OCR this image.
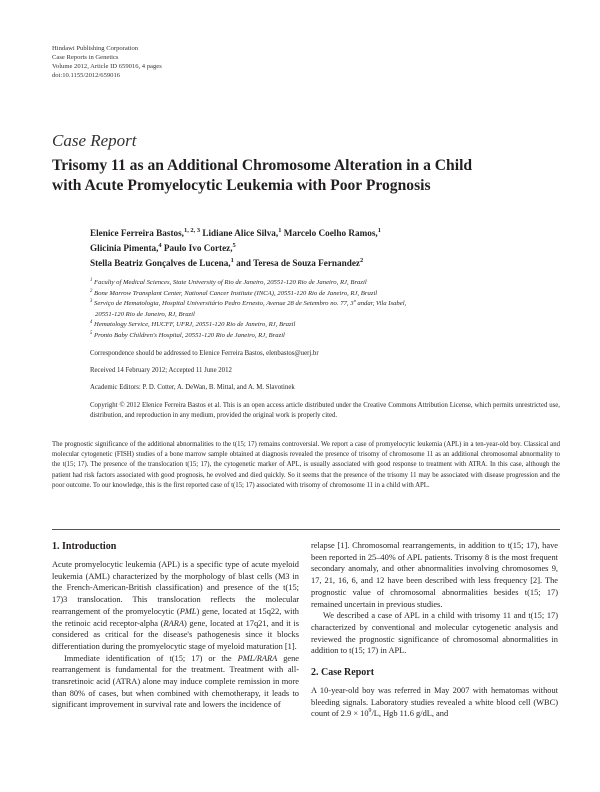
Hindawi Publishing Corporation
Case Reports in Genetics
Volume 2012, Article ID 659016, 4 pages
doi:10.1155/2012/659016
Case Report
Trisomy 11 as an Additional Chromosome Alteration in a Child
with Acute Promyelocytic Leukemia with Poor Prognosis
Elenice Ferreira Bastos,$^{1, 2, 3}$ Lidiane Alice Silva,$^1$ Marcelo Coelho Ramos,$^1$
Glicinia Pimenta,$^4$ Paulo Ivo Cortez,$^5$
Stella Beatriz Gonçalves de Lucena,$^1$ and Teresa de Souza Fernandez$^2$
$^1$ Faculty of Medical Sciences, State University of Rio de Janeiro, 20551-120 Rio de Janeiro, RJ, Brazil
$^2$ Bone Marrow Transplant Center, National Cancer Institute (INCA), 20551-120 Rio de Janeiro, RJ, Brazil
$^3$ Serviço de Hematologia, Hospital Universitário Pedro Ernesto, Avenue 28 de Setembro no. 77, 3º andar, Vila Isabel,
20551-120 Rio de Janeiro, RJ, Brazil
$^4$ Hematology Service, HUCFF, UFRJ, 20551-120 Rio de Janeiro, RJ, Brazil
$^5$ Pronto Baby Children's Hospital, 20551-120 Rio de Janeiro, RJ, Brazil
Correspondence should be addressed to Elenice Ferreira Bastos, elenbastos@uerj.br
Received 14 February 2012; Accepted 11 June 2012
Academic Editors: P. D. Cotter, A. DeWan, B. Mittal, and A. M. Slavotinek
Copyright © 2012 Elenice Ferreira Bastos et al. This is an open access article distributed under the Creative Commons Attribution License, which permits unrestricted use, distribution, and reproduction in any medium, provided the original work is properly cited.
The prognostic significance of the additional abnormalities to the t(15; 17) remains controversial. We report a case of promyelocytic leukemia (APL) in a ten-year-old boy. Classical and molecular cytogenetic (FISH) studies of a bone marrow sample obtained at diagnosis revealed the presence of trisomy of chromosome 11 as an additional chromosomal abnormality to the t(15; 17). The presence of the translocation t(15; 17), the cytogenetic marker of APL, is usually associated with good response to treatment with ATRA. In this case, although the patient had risk factors associated with good prognosis, he evolved and died quickly. So it seems that the presence of the trisomy 11 may be associated with disease progression and the poor outcome. To our knowledge, this is the first reported case of t(15; 17) associated with trisomy of chromosome 11 in a child with APL.
1. Introduction

Acute promyelocytic leukemia (APL) is a specific type of acute myeloid leukemia (AML) characterized by the morphology of blast cells (M3 in the French-American-British classification) and presence of the t(15; 17)3 translocation. This translocation reflects the molecular rearrangement of the promyelocytic (PML) gene, located at 15q22, with the retinoic acid receptor-alpha (RARA) gene, located at 17q21, and it is considered as critical for the disease's pathogenesis since it blocks differentiation during the promyelocytic stage of myeloid maturation [1].

Immediate identification of t(15; 17) or the PML/RARA gene rearrangement is fundamental for the treatment. Treatment with all-transretinoic acid (ATRA) alone may induce complete remission in more than 80% of cases, but when combined with chemotherapy, it leads to significant improvement in survival rate and lowers the incidence of

relapse [1]. Chromosomal rearrangements, in addition to t(15; 17), have been reported in 25–40% of APL patients. Trisomy 8 is the most frequent secondary anomaly, and other abnormalities involving chromosomes 9, 17, 21, 16, 6, and 12 have been described with less frequency [2]. The prognostic value of chromosomal abnormalities besides t(15; 17) remained uncertain in previous studies.

We described a case of APL in a child with trisomy 11 and t(15; 17) characterized by conventional and molecular cytogenetic analysis and reviewed the prognostic significance of chromosomal abnormalities in addition to t(15; 17) in APL.

2. Case Report

A 10-year-old boy was referred in May 2007 with hematomas without bleeding signals. Laboratory studies revealed a white blood cell (WBC) count of $2.9 \times 10^9/L$, Hgb 11.6 g/dL, and
